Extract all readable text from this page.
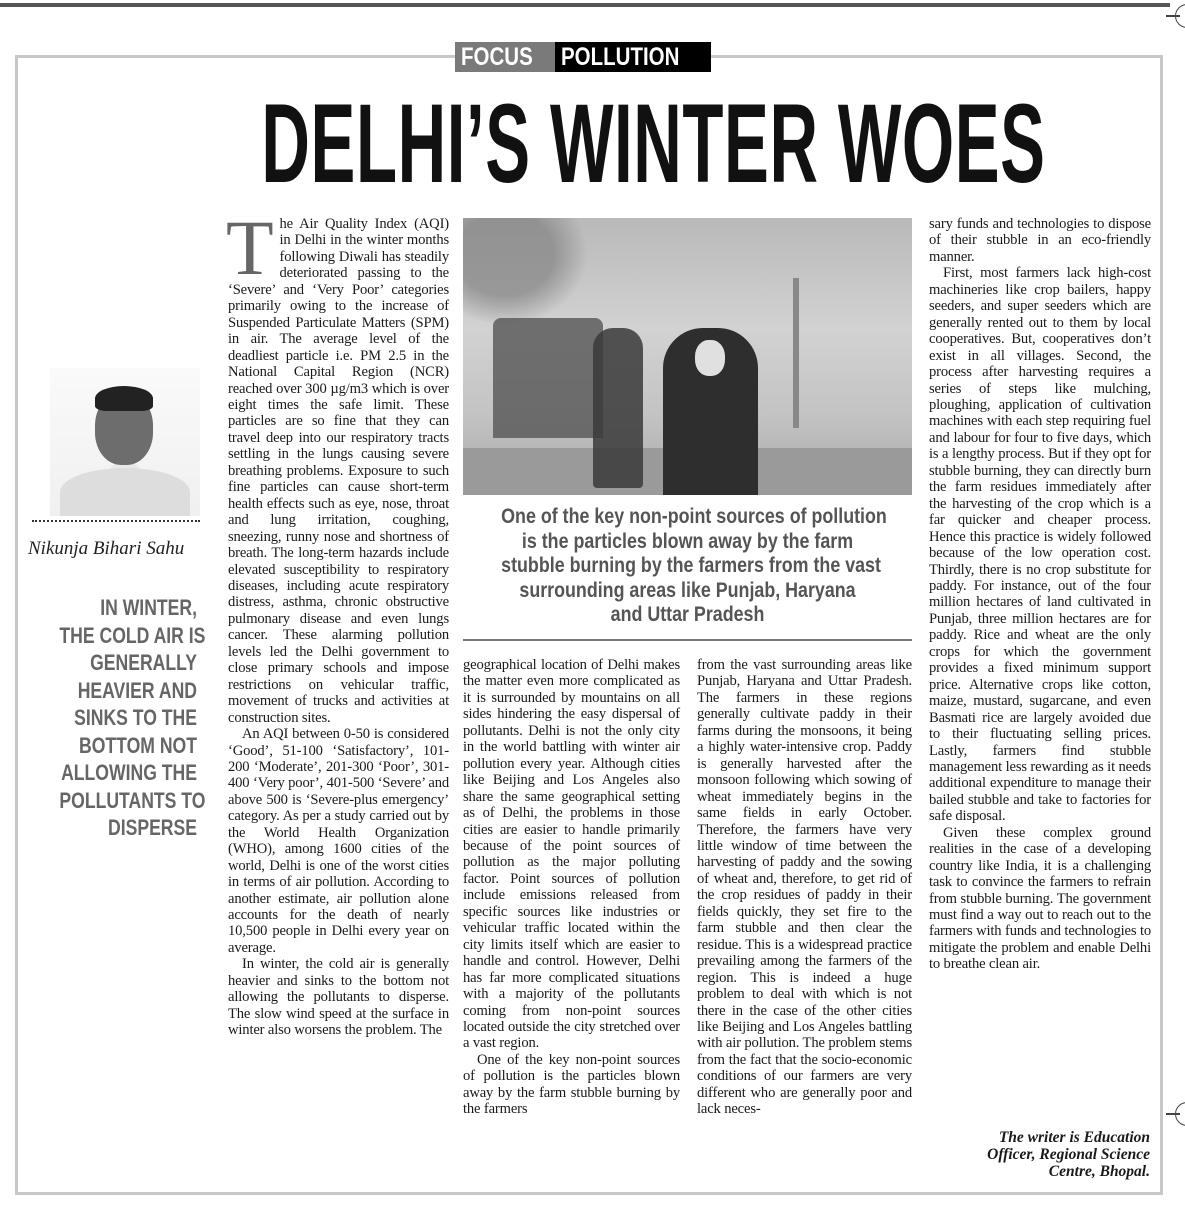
FOCUS	POLLUTION
DELHI’S WINTER WOES
Nikunja Bihari Sahu
IN WINTER,
THE COLD AIR IS
GENERALLY
HEAVIER AND
SINKS TO THE
BOTTOM NOT
ALLOWING THE
POLLUTANTS TO
DISPERSE

The Air Quality Index (AQI) in Delhi in the winter months following Diwali has steadily deteriorated passing to the ‘Severe’ and ‘Very Poor’ categories primarily owing to the increase of Suspended Particulate Matters (SPM) in air. The average level of the deadliest particle i.e. PM 2.5 in the National Capital Region (NCR) reached over 300 µg/m3 which is over eight times the safe limit. These particles are so fine that they can travel deep into our respiratory tracts settling in the lungs causing severe breathing problems. Exposure to such fine particles can cause short-term health effects such as eye, nose, throat and lung irritation, coughing, sneezing, runny nose and shortness of breath. The long-term hazards include elevated susceptibility to respiratory diseases, including acute respiratory distress, asthma, chronic obstructive pulmonary disease and even lungs cancer. These alarming pollution levels led the Delhi government to close primary schools and impose restrictions on vehicular traffic, movement of trucks and activities at construction sites.

An AQI between 0-50 is considered ‘Good’, 51-100 ‘Satisfactory’, 101-200 ‘Moderate’, 201-300 ‘Poor’, 301-400 ‘Very poor’, 401-500 ‘Severe’ and above 500 is ‘Severe-plus emergency’ category. As per a study carried out by the World Health Organization (WHO), among 1600 cities of the world, Delhi is one of the worst cities in terms of air pollution. According to another estimate, air pollution alone accounts for the death of nearly 10,500 people in Delhi every year on average.

In winter, the cold air is generally heavier and sinks to the bottom not allowing the pollutants to disperse. The slow wind speed at the surface in winter also worsens the problem. The

One of the key non-point sources of pollution
is the particles blown away by the farm
stubble burning by the farmers from the vast
surrounding areas like Punjab, Haryana
and Uttar Pradesh

geographical location of Delhi makes the matter even more complicated as it is surrounded by mountains on all sides hindering the easy dispersal of pollutants. Delhi is not the only city in the world battling with winter air pollution every year. Although cities like Beijing and Los Angeles also share the same geographical setting as of Delhi, the problems in those cities are easier to handle primarily because of the point sources of pollution as the major polluting factor. Point sources of pollution include emissions released from specific sources like industries or vehicular traffic located within the city limits itself which are easier to handle and control. However, Delhi has far more complicated situations with a majority of the pollutants coming from non-point sources located outside the city stretched over a vast region.

One of the key non-point sources of pollution is the particles blown away by the farm stubble burning by the farmers

from the vast surrounding areas like Punjab, Haryana and Uttar Pradesh. The farmers in these regions generally cultivate paddy in their farms during the monsoons, it being a highly water-intensive crop. Paddy is generally harvested after the monsoon following which sowing of wheat immediately begins in the same fields in early October. Therefore, the farmers have very little window of time between the harvesting of paddy and the sowing of wheat and, therefore, to get rid of the crop residues of paddy in their fields quickly, they set fire to the farm stubble and then clear the residue. This is a widespread practice prevailing among the farmers of the region. This is indeed a huge problem to deal with which is not there in the case of the other cities like Beijing and Los Angeles battling with air pollution. The problem stems from the fact that the socio-economic conditions of our farmers are very different who are generally poor and lack neces-

sary funds and technologies to dispose of their stubble in an eco-friendly manner.

First, most farmers lack high-cost machineries like crop bailers, happy seeders, and super seeders which are generally rented out to them by local cooperatives. But, cooperatives don’t exist in all villages. Second, the process after harvesting requires a series of steps like mulching, ploughing, application of cultivation machines with each step requiring fuel and labour for four to five days, which is a lengthy process. But if they opt for stubble burning, they can directly burn the farm residues immediately after the harvesting of the crop which is a far quicker and cheaper process. Hence this practice is widely followed because of the low operation cost. Thirdly, there is no crop substitute for paddy. For instance, out of the four million hectares of land cultivated in Punjab, three million hectares are for paddy. Rice and wheat are the only crops for which the government provides a fixed minimum support price. Alternative crops like cotton, maize, mustard, sugarcane, and even Basmati rice are largely avoided due to their fluctuating selling prices. Lastly, farmers find stubble management less rewarding as it needs additional expenditure to manage their bailed stubble and take to factories for safe disposal.

Given these complex ground realities in the case of a developing country like India, it is a challenging task to convince the farmers to refrain from stubble burning. The government must find a way out to reach out to the farmers with funds and technologies to mitigate the problem and enable Delhi to breathe clean air.

The writer is Education
Officer, Regional Science
Centre, Bhopal.
